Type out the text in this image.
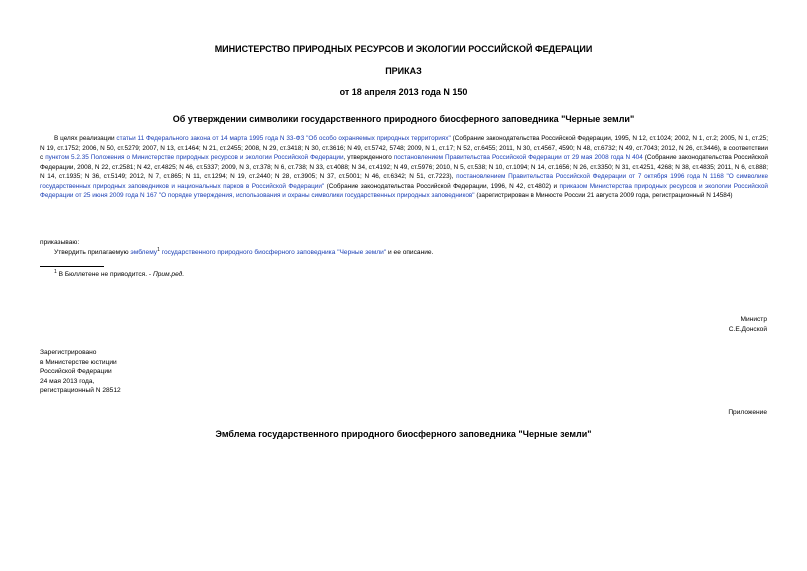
МИНИСТЕРСТВО ПРИРОДНЫХ РЕСУРСОВ И ЭКОЛОГИИ РОССИЙСКОЙ ФЕДЕРАЦИИ
ПРИКАЗ
от 18 апреля 2013 года N 150
Об утверждении символики государственного природного биосферного заповедника "Черные земли"
В целях реализации статьи 11 Федерального закона от 14 марта 1995 года N 33-ФЗ "Об особо охраняемых природных территориях" (Собрание законодательства Российской Федерации, 1995, N 12, ст.1024; 2002, N 1, ст.2; 2005, N 1, ст.25; N 19, ст.1752; 2006, N 50, ст.5279; 2007, N 13, ст.1464; N 21, ст.2455; 2008, N 29, ст.3418; N 30, ст.3616; N 49, ст.5742, 5748; 2009, N 1, ст.17; N 52, ст.6455; 2011, N 30, ст.4567, 4590; N 48, ст.6732; N 49, ст.7043; 2012, N 26, ст.3446), в соответствии с пунктом 5.2.35 Положения о Министерстве природных ресурсов и экологии Российской Федерации, утвержденного постановлением Правительства Российской Федерации от 29 мая 2008 года N 404 (Собрание законодательства Российской Федерации, 2008, N 22, ст.2581; N 42, ст.4825; N 46, ст.5337; 2009, N 3, ст.378; N 6, ст.738; N 33, ст.4088; N 34, ст.4192; N 49, ст.5976; 2010, N 5, ст.538; N 10, ст.1094; N 14, ст.1656; N 26, ст.3350; N 31, ст.4251, 4268; N 38, ст.4835; 2011, N 6, ст.888; N 14, ст.1935; N 36, ст.5149; 2012, N 7, ст.865; N 11, ст.1294; N 19, ст.2440; N 28, ст.3905; N 37, ст.5001; N 46, ст.6342; N 51, ст.7223), постановлением Правительства Российской Федерации от 7 октября 1996 года N 1168 "О символике государственных природных заповедников и национальных парков в Российской Федерации" (Собрание законодательства Российской Федерации, 1996, N 42, ст.4802) и приказом Министерства природных ресурсов и экологии Российской Федерации от 25 июня 2009 года N 167 "О порядке утверждения, использования и охраны символики государственных природных заповедников" (зарегистрирован в Минюсте России 21 августа 2009 года, регистрационный N 14584)
приказываю:
Утвердить прилагаемую эмблему$^1$ государственного природного биосферного заповедника "Черные земли" и ее описание.
$^1$ В Бюллетене не приводится. - Прим.ред.
Министр
С.Е.Донской
Зарегистрировано
в Министерстве юстиции
Российской Федерации
24 мая 2013 года,
регистрационный N 28512
Приложение
Эмблема государственного природного биосферного заповедника "Черные земли"
